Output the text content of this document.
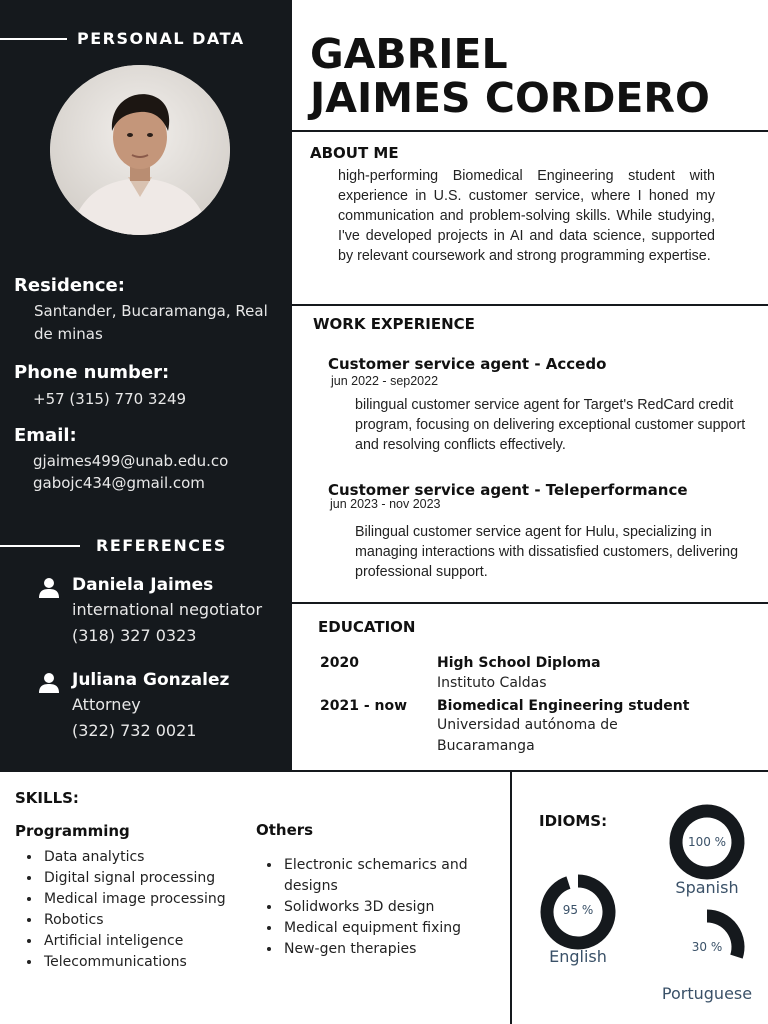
PERSONAL DATA
Residence:
Santander, Bucaramanga, Real
de minas
Phone number:
+57 (315) 770 3249
Email:
gjaimes499@unab.edu.co
gabojc434@gmail.com
REFERENCES
Daniela Jaimes
international negotiator
(318) 327 0323
Juliana Gonzalez
Attorney
(322) 732 0021
GABRIEL
JAIMES CORDERO
ABOUT ME
high-performing Biomedical Engineering student with experience in U.S. customer service, where I honed my communication and problem-solving skills. While studying, I've developed projects in AI and data science, supported by relevant coursework and strong programming expertise.
WORK EXPERIENCE
Customer service agent - Accedo
jun 2022 - sep2022
bilingual customer service agent for Target's RedCard credit program, focusing on delivering exceptional customer support and resolving conflicts effectively.
Customer service agent - Teleperformance
jun 2023 - nov 2023
Bilingual customer service agent for Hulu, specializing in managing interactions with dissatisfied customers, delivering professional support.
EDUCATION
2020	High School Diploma
Instituto Caldas
2021 - now Biomedical Engineering student
Universidad autónoma de Bucaramanga
SKILLS:
Programming
• Data analytics
• Digital signal processing
• Medical image processing
• Robotics
• Artificial inteligence
• Telecommunications
Others
• Electronic schemarics and designs
• Solidworks 3D design
• Medical equipment fixing
• New-gen therapies
IDIOMS:
100 %
Spanish
95 %
English	30 %
Portuguese
